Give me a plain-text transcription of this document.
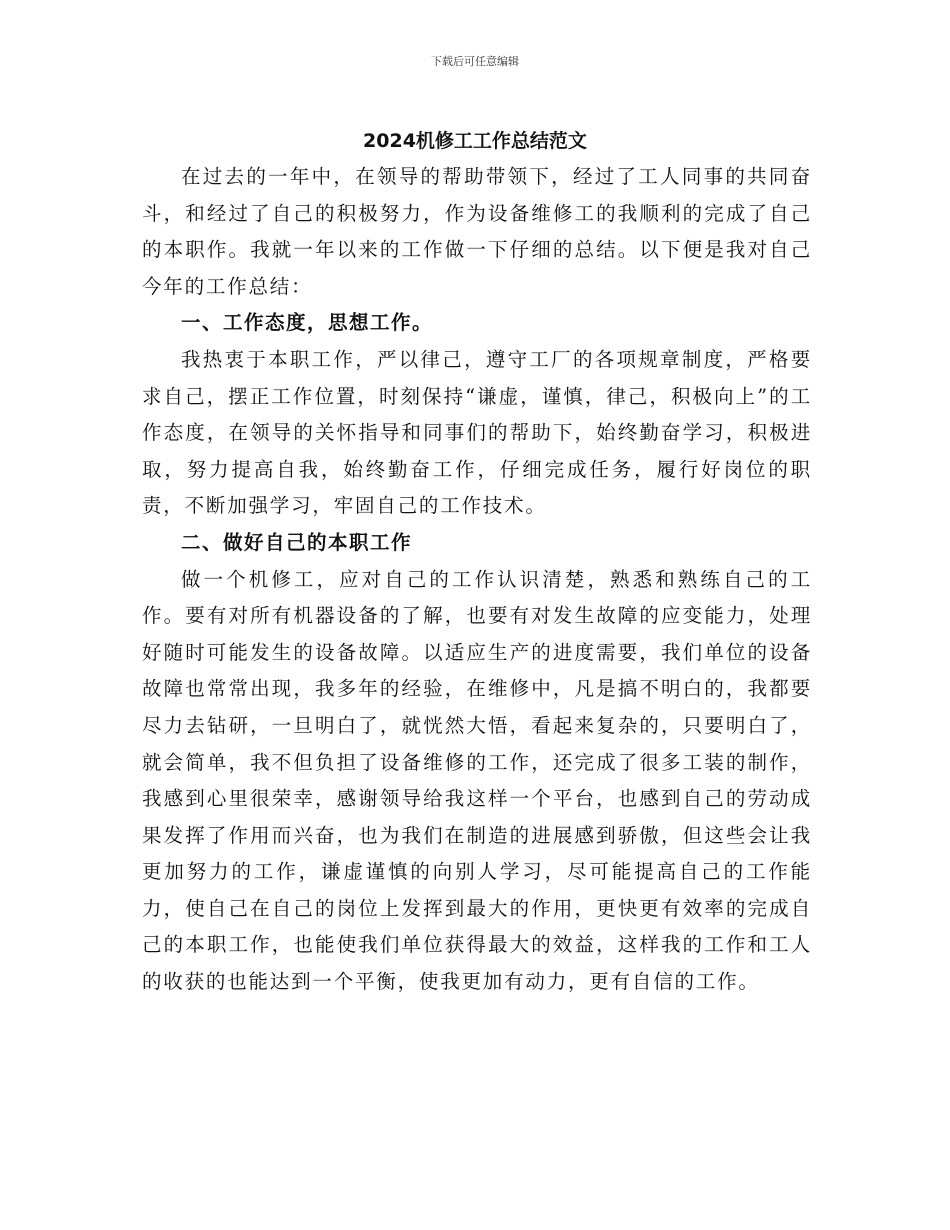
下载后可任意编辑
2024机修工工作总结范文

在过去的一年中，在领导的帮助带领下，经过了工人同事的共同奋斗，和经过了自己的积极努力，作为设备维修工的我顺利的完成了自己的本职作。我就一年以来的工作做一下仔细的总结。以下便是我对自己今年的工作总结：

一、工作态度，思想工作。

我热衷于本职工作，严以律己，遵守工厂的各项规章制度，严格要求自己，摆正工作位置，时刻保持“谦虚，谨慎，律己，积极向上”的工作态度，在领导的关怀指导和同事们的帮助下，始终勤奋学习，积极进取，努力提高自我，始终勤奋工作，仔细完成任务，履行好岗位的职责，不断加强学习，牢固自己的工作技术。

二、做好自己的本职工作

做一个机修工，应对自己的工作认识清楚，熟悉和熟练自己的工作。要有对所有机器设备的了解，也要有对发生故障的应变能力，处理好随时可能发生的设备故障。以适应生产的进度需要，我们单位的设备故障也常常出现，我多年的经验，在维修中，凡是搞不明白的，我都要尽力去钻研，一旦明白了，就恍然大悟，看起来复杂的，只要明白了，就会简单，我不但负担了设备维修的工作，还完成了很多工装的制作，我感到心里很荣幸，感谢领导给我这样一个平台，也感到自己的劳动成果发挥了作用而兴奋，也为我们在制造的进展感到骄傲，但这些会让我更加努力的工作，谦虚谨慎的向别人学习，尽可能提高自己的工作能力，使自己在自己的岗位上发挥到最大的作用，更快更有效率的完成自己的本职工作，也能使我们单位获得最大的效益，这样我的工作和工人的收获的也能达到一个平衡，使我更加有动力，更有自信的工作。
